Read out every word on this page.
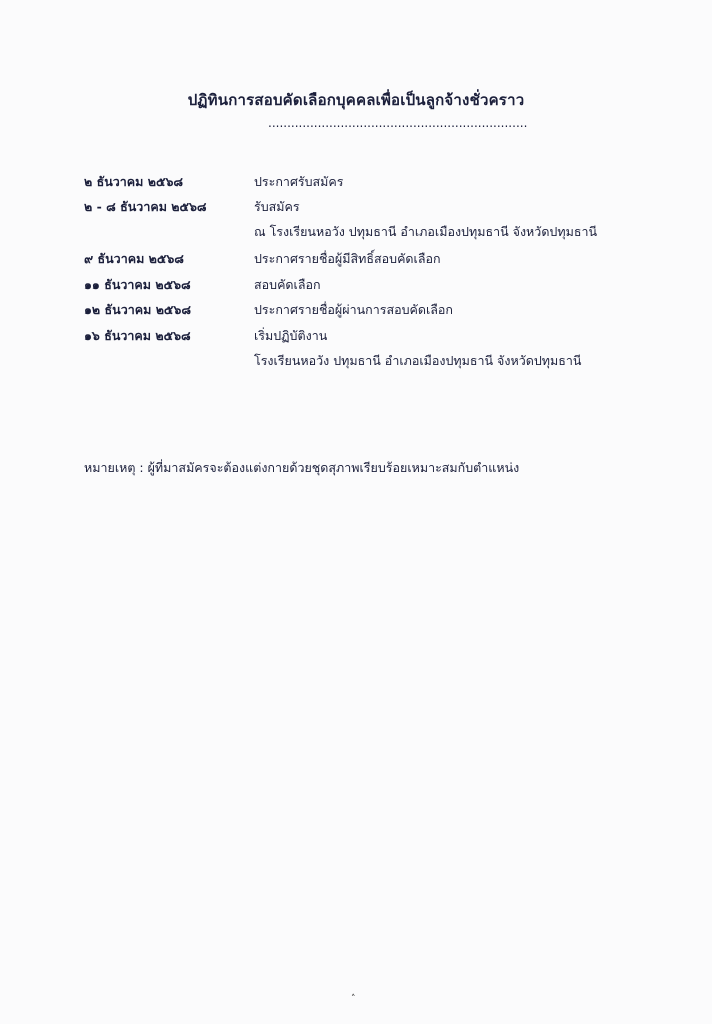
ปฏิทินการสอบคัดเลือกบุคคลเพื่อเป็นลูกจ้างชั่วคราว
....................................................................
๒ ธันวาคม ๒๕๖๘	ประกาศรับสมัคร
๒ - ๘ ธันวาคม ๒๕๖๘	รับสมัคร
ณ โรงเรียนหอวัง ปทุมธานี อำเภอเมืองปทุมธานี จังหวัดปทุมธานี
๙ ธันวาคม ๒๕๖๘	ประกาศรายชื่อผู้มีสิทธิ์สอบคัดเลือก
๑๑ ธันวาคม ๒๕๖๘	สอบคัดเลือก
๑๒ ธันวาคม ๒๕๖๘	ประกาศรายชื่อผู้ผ่านการสอบคัดเลือก
๑๖ ธันวาคม ๒๕๖๘	เริ่มปฏิบัติงาน
โรงเรียนหอวัง ปทุมธานี อำเภอเมืองปทุมธานี จังหวัดปทุมธานี
หมายเหตุ : ผู้ที่มาสมัครจะต้องแต่งกายด้วยชุดสุภาพเรียบร้อยเหมาะสมกับตำแหน่ง
˄
